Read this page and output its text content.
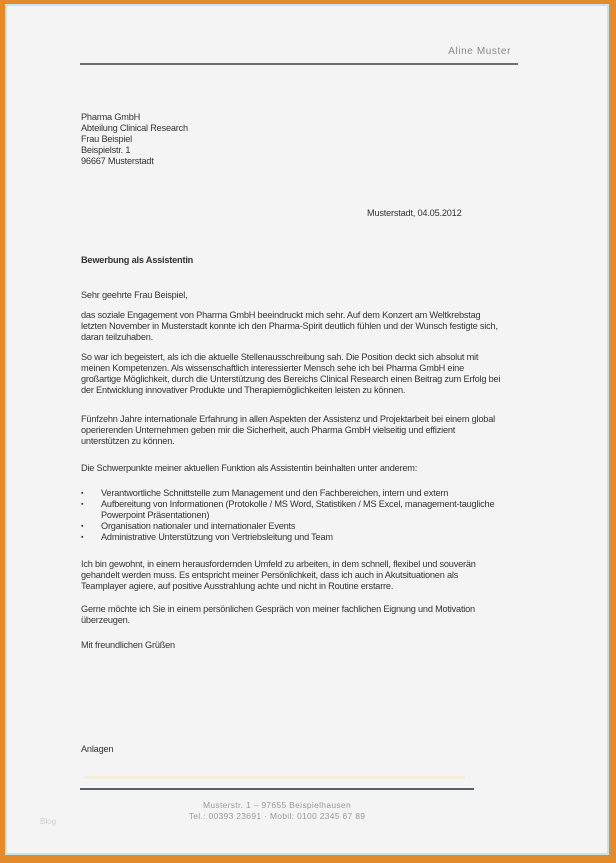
Aline Muster
Pharma GmbH
Abteilung Clinical Research
Frau Beispiel
Beispielstr. 1
96667 Musterstadt
Musterstadt, 04.05.2012
Bewerbung als Assistentin
Sehr geehrte Frau Beispiel,

das soziale Engagement von Pharma GmbH beeindruckt mich sehr. Auf dem Konzert am Weltkrebstag letzten November in Musterstadt konnte ich den Pharma-Spirit deutlich fühlen und der Wunsch festigte sich, daran teilzuhaben.

So war ich begeistert, als ich die aktuelle Stellenausschreibung sah. Die Position deckt sich absolut mit meinen Kompetenzen. Als wissenschaftlich interessierter Mensch sehe ich bei Pharma GmbH eine großartige Möglichkeit, durch die Unterstützung des Bereichs Clinical Research einen Beitrag zum Erfolg bei der Entwicklung innovativer Produkte und Therapiemöglichkeiten leisten zu können.

Fünfzehn Jahre internationale Erfahrung in allen Aspekten der Assistenz und Projektarbeit bei einem global operierenden Unternehmen geben mir die Sicherheit, auch Pharma GmbH vielseitig und effizient unterstützen zu können.

Die Schwerpunkte meiner aktuellen Funktion als Assistentin beinhalten unter anderem:

▪ Verantwortliche Schnittstelle zum Management und den Fachbereichen, intern und extern
▪ Aufbereitung von Informationen (Protokolle / MS Word, Statistiken / MS Excel, management-taugliche Powerpoint Präsentationen)
▪ Organisation nationaler und internationaler Events
▪ Administrative Unterstützung von Vertriebsleitung und Team

Ich bin gewohnt, in einem herausfordernden Umfeld zu arbeiten, in dem schnell, flexibel und souverän gehandelt werden muss. Es entspricht meiner Persönlichkeit, dass ich auch in Akutsituationen als Teamplayer agiere, auf positive Ausstrahlung achte und nicht in Routine erstarre.

Gerne möchte ich Sie in einem persönlichen Gespräch von meiner fachlichen Eignung und Motivation überzeugen.

Mit freundlichen Grüßen
Anlagen
Musterstr. 1 – 97655 Beispielhausen
Tel.: 00393 23691 · Mobil: 0100 2345 67 89
Blog
